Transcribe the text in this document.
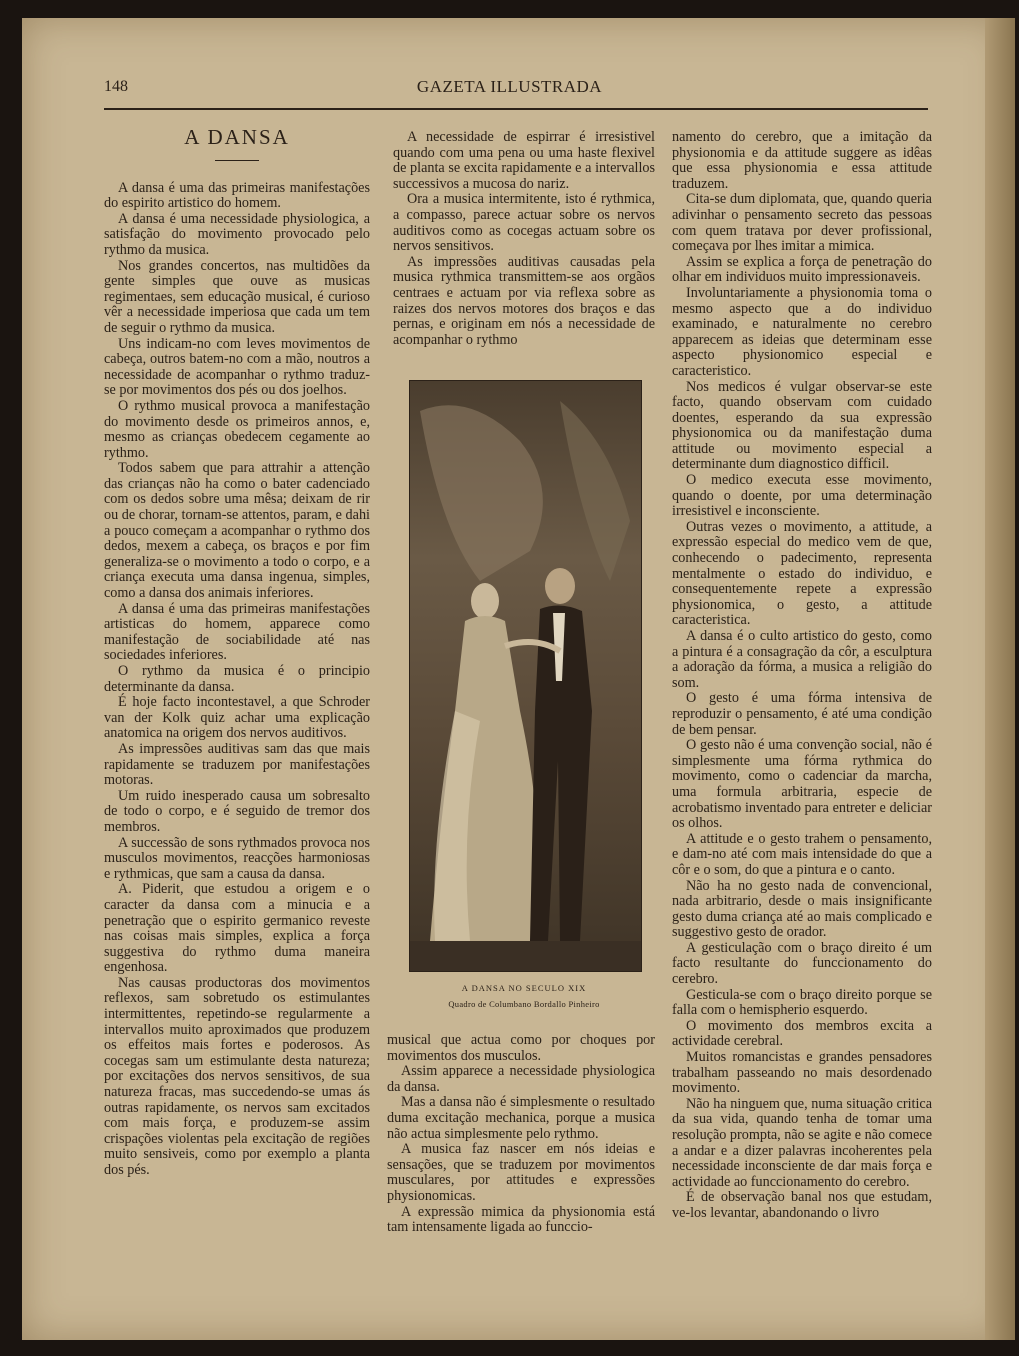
148	GAZETA ILLUSTRADA
A DANSA

A dansa é uma das primeiras manifestações do espirito artistico do homem.

A dansa é uma necessidade physiologica, a satisfação do movimento provocado pelo rythmo da musica.

Nos grandes concertos, nas multidões da gente simples que ouve as musicas regimentaes, sem educação musical, é curioso vêr a necessidade imperiosa que cada um tem de seguir o rythmo da musica.

Uns indicam-no com leves movimentos de cabeça, outros batem-no com a mão, noutros a necessidade de acompanhar o rythmo traduz-se por movimentos dos pés ou dos joelhos.

O rythmo musical provoca a manifestação do movimento desde os primeiros annos, e, mesmo as crianças obedecem cegamente ao rythmo.

Todos sabem que para attrahir a attenção das crianças não ha como o bater cadenciado com os dedos sobre uma mêsa; deixam de rir ou de chorar, tornam-se attentos, param, e dahi a pouco começam a acompanhar o rythmo dos dedos, mexem a cabeça, os braços e por fim generaliza-se o movimento a todo o corpo, e a criança executa uma dansa ingenua, simples, como a dansa dos animais inferiores.

A dansa é uma das primeiras manifestações artisticas do homem, apparece como manifestação de sociabilidade até nas sociedades inferiores.

O rythmo da musica é o principio determinante da dansa.

É hoje facto incontestavel, a que Schroder van der Kolk quiz achar uma explicação anatomica na origem dos nervos auditivos.

As impressões auditivas sam das que mais rapidamente se traduzem por manifestações motoras.

Um ruido inesperado causa um sobresalto de todo o corpo, e é seguido de tremor dos membros.

A successão de sons rythmados provoca nos musculos movimentos, reacções harmoniosas e rythmicas, que sam a causa da dansa.

A. Piderit, que estudou a origem e o caracter da dansa com a minucia e a penetração que o espirito germanico reveste nas coisas mais simples, explica a força suggestiva do rythmo duma maneira engenhosa.

Nas causas productoras dos movimentos reflexos, sam sobretudo os estimulantes intermittentes, repetindo-se regularmente a intervallos muito aproximados que produzem os effeitos mais fortes e poderosos. As cocegas sam um estimulante desta natureza; por excitações dos nervos sensitivos, de sua natureza fracas, mas succedendo-se umas ás outras rapidamente, os nervos sam excitados com mais força, e produzem-se assim crispações violentas pela excitação de regiões muito sensiveis, como por exemplo a planta dos pés.

A necessidade de espirrar é irresistivel quando com uma pena ou uma haste flexivel de planta se excita rapidamente e a intervallos successivos a mucosa do nariz.

Ora a musica intermitente, isto é rythmica, a compasso, parece actuar sobre os nervos auditivos como as cocegas actuam sobre os nervos sensitivos.

As impressões auditivas causadas pela musica rythmica transmittem-se aos orgãos centraes e actuam por via reflexa sobre as raizes dos nervos motores dos braços e das pernas, e originam em nós a necessidade de acompanhar o rythmo

A DANSA NO SECULO XIX
Quadro de Columbano Bordallo Pinheiro

musical que actua como por choques por movimentos dos musculos.

Assim apparece a necessidade physiologica da dansa.

Mas a dansa não é simplesmente o resultado duma excitação mechanica, porque a musica não actua simplesmente pelo rythmo.

A musica faz nascer em nós ideias e sensações, que se traduzem por movimentos musculares, por attitudes e expressões physionomicas.

A expressão mimica da physionomia está tam intensamente ligada ao funccio-

namento do cerebro, que a imitação da physionomia e da attitude suggere as idêas que essa physionomia e essa attitude traduzem.

Cita-se dum diplomata, que, quando queria adivinhar o pensamento secreto das pessoas com quem tratava por dever profissional, começava por lhes imitar a mimica.

Assim se explica a força de penetração do olhar em individuos muito impressionaveis.

Involuntariamente a physionomia toma o mesmo aspecto que a do individuo examinado, e naturalmente no cerebro apparecem as ideias que determinam esse aspecto physionomico especial e caracteristico.

Nos medicos é vulgar observar-se este facto, quando observam com cuidado doentes, esperando da sua expressão physionomica ou da manifestação duma attitude ou movimento especial a determinante dum diagnostico difficil.

O medico executa esse movimento, quando o doente, por uma determinação irresistivel e inconsciente.

Outras vezes o movimento, a attitude, a expressão especial do medico vem de que, conhecendo o padecimento, representa mentalmente o estado do individuo, e consequentemente repete a expressão physionomica, o gesto, a attitude caracteristica.

A dansa é o culto artistico do gesto, como a pintura é a consagração da côr, a esculptura a adoração da fórma, a musica a religião do som.

O gesto é uma fórma intensiva de reproduzir o pensamento, é até uma condição de bem pensar.

O gesto não é uma convenção social, não é simplesmente uma fórma rythmica do movimento, como o cadenciar da marcha, uma formula arbitraria, especie de acrobatismo inventado para entreter e deliciar os olhos.

A attitude e o gesto trahem o pensamento, e dam-no até com mais intensidade do que a côr e o som, do que a pintura e o canto.

Não ha no gesto nada de convencional, nada arbitrario, desde o mais insignificante gesto duma criança até ao mais complicado e suggestivo gesto de orador.

A gesticulação com o braço direito é um facto resultante do funccionamento do cerebro.

Gesticula-se com o braço direito porque se falla com o hemispherio esquerdo.

O movimento dos membros excita a actividade cerebral.

Muitos romancistas e grandes pensadores trabalham passeando no mais desordenado movimento.

Não ha ninguem que, numa situação critica da sua vida, quando tenha de tomar uma resolução prompta, não se agite e não comece a andar e a dizer palavras incoherentes pela necessidade inconsciente de dar mais força e actividade ao funccionamento do cerebro.

É de observação banal nos que estudam, ve-los levantar, abandonando o livro
